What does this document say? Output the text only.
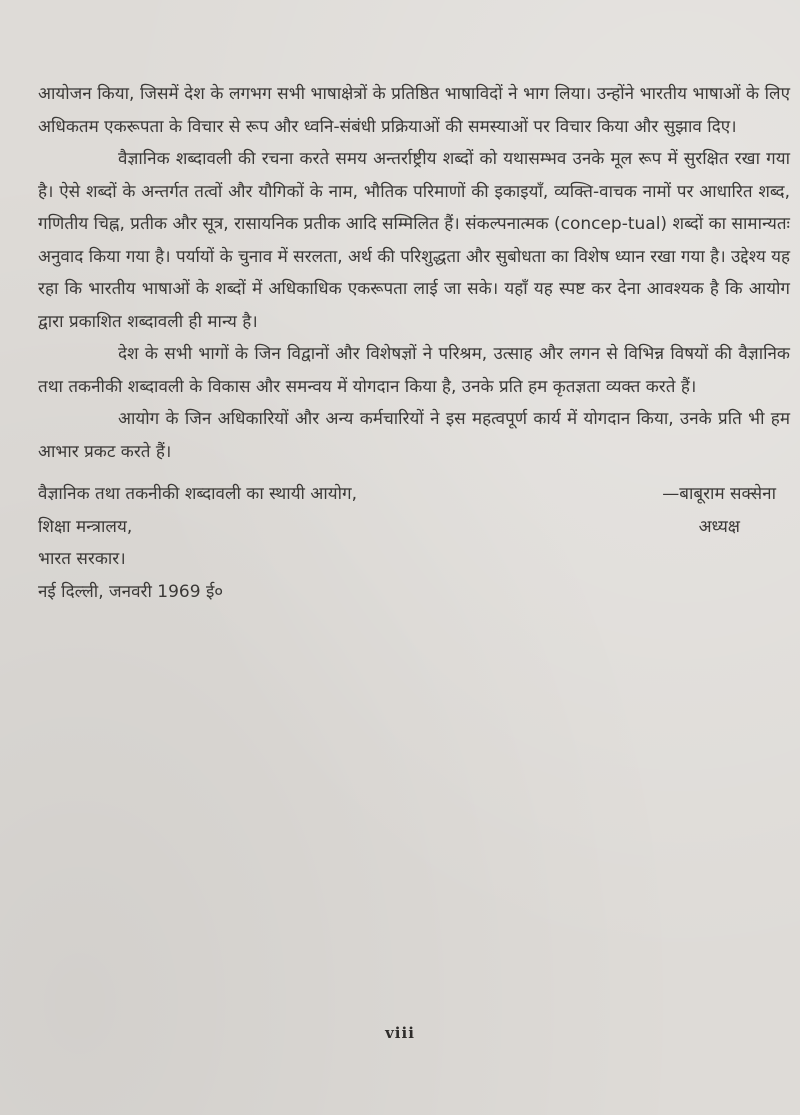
आयोजन किया, जिसमें देश के लगभग सभी भाषाक्षेत्रों के प्रतिष्ठित भाषाविदों ने भाग लिया। उन्होंने भारतीय भाषाओं के लिए अधिकतम एकरूपता के विचार से रूप और ध्वनि-संबंधी प्रक्रियाओं की समस्याओं पर विचार किया और सुझाव दिए।

वैज्ञानिक शब्दावली की रचना करते समय अन्तर्राष्ट्रीय शब्दों को यथासम्भव उनके मूल रूप में सुरक्षित रखा गया है। ऐसे शब्दों के अन्तर्गत तत्वों और यौगिकों के नाम, भौतिक परिमाणों की इकाइयाँ, व्यक्ति-वाचक नामों पर आधारित शब्द, गणितीय चिह्न, प्रतीक और सूत्र, रासायनिक प्रतीक आदि सम्मिलित हैं। संकल्पनात्मक (concep-tual) शब्दों का सामान्यतः अनुवाद किया गया है। पर्यायों के चुनाव में सरलता, अर्थ की परिशुद्धता और सुबोधता का विशेष ध्यान रखा गया है। उद्देश्य यह रहा कि भारतीय भाषाओं के शब्दों में अधिकाधिक एकरूपता लाई जा सके। यहाँ यह स्पष्ट कर देना आवश्यक है कि आयोग द्वारा प्रकाशित शब्दावली ही मान्य है।

देश के सभी भागों के जिन विद्वानों और विशेषज्ञों ने परिश्रम, उत्साह और लगन से विभिन्न विषयों की वैज्ञानिक तथा तकनीकी शब्दावली के विकास और समन्वय में योगदान किया है, उनके प्रति हम कृतज्ञता व्यक्त करते हैं।

आयोग के जिन अधिकारियों और अन्य कर्मचारियों ने इस महत्वपूर्ण कार्य में योगदान किया, उनके प्रति भी हम आभार प्रकट करते हैं।

वैज्ञानिक तथा तकनीकी शब्दावली का स्थायी आयोग,	—बाबूराम सक्सेना
शिक्षा मन्त्रालय,	अध्यक्ष
भारत सरकार।
नई दिल्ली, जनवरी 1969 ई०
viii
